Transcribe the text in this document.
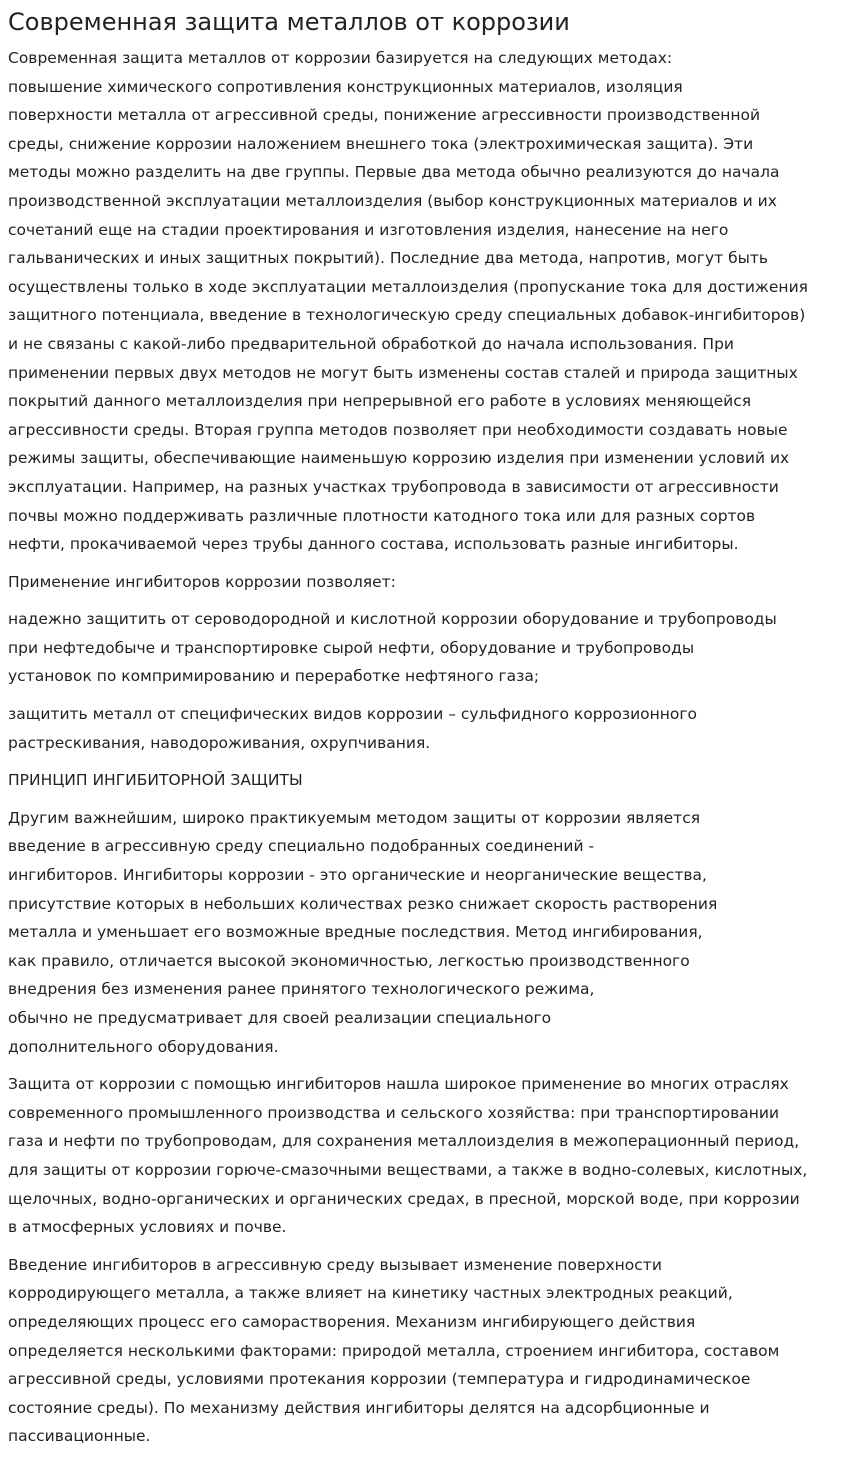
Современная защита металлов от коррозии

Современная защита металлов от коррозии базируется на следующих методах:
повышение химического сопротивления конструкционных материалов, изоляция
поверхности металла от агрессивной среды, понижение агрессивности производственной
среды, снижение коррозии наложением внешнего тока (электрохимическая защита). Эти
методы можно разделить на две группы. Первые два метода обычно реализуются до начала
производственной эксплуатации металлоизделия (выбор конструкционных материалов и их
сочетаний еще на стадии проектирования и изготовления изделия, нанесение на него
гальванических и иных защитных покрытий). Последние два метода, напротив, могут быть
осуществлены только в ходе эксплуатации металлоизделия (пропускание тока для достижения
защитного потенциала, введение в технологическую среду специальных добавок-ингибиторов)
и не связаны с какой-либо предварительной обработкой до начала использования. При
применении первых двух методов не могут быть изменены состав сталей и природа защитных
покрытий данного металлоизделия при непрерывной его работе в условиях меняющейся
агрессивности среды. Вторая группа методов позволяет при необходимости создавать новые
режимы защиты, обеспечивающие наименьшую коррозию изделия при изменении условий их
эксплуатации. Например, на разных участках трубопровода в зависимости от агрессивности
почвы можно поддерживать различные плотности катодного тока или для разных сортов
нефти, прокачиваемой через трубы данного состава, использовать разные ингибиторы.

Применение ингибиторов коррозии позволяет:

надежно защитить от сероводородной и кислотной коррозии оборудование и трубопроводы
при нефтедобыче и транспортировке сырой нефти, оборудование и трубопроводы
установок по компримированию и переработке нефтяного газа;

защитить металл от специфических видов коррозии – сульфидного коррозионного
растрескивания, наводороживания, охрупчивания.

ПРИНЦИП ИНГИБИТОРНОЙ ЗАЩИТЫ

Другим важнейшим, широко практикуемым методом защиты от коррозии является
введение в агрессивную среду специально подобранных соединений -
ингибиторов. Ингибиторы коррозии - это органические и неорганические вещества,
присутствие которых в небольших количествах резко снижает скорость растворения
металла и уменьшает его возможные вредные последствия. Метод ингибирования,
как правило, отличается высокой экономичностью, легкостью производственного
внедрения без изменения ранее принятого технологического режима,
обычно не предусматривает для своей реализации специального
дополнительного оборудования.

Защита от коррозии с помощью ингибиторов нашла широкое применение во многих отраслях
современного промышленного производства и сельского хозяйства: при транспортировании
газа и нефти по трубопроводам, для сохранения металлоизделия в межоперационный период,
для защиты от коррозии горюче-смазочными веществами, а также в водно-солевых, кислотных,
щелочных, водно-органических и органических средах, в пресной, морской воде, при коррозии
в атмосферных условиях и почве.

Введение ингибиторов в агрессивную среду вызывает изменение поверхности
корродирующего металла, а также влияет на кинетику частных электродных реакций,
определяющих процесс его саморастворения. Механизм ингибирующего действия
определяется несколькими факторами: природой металла, строением ингибитора, составом
агрессивной среды, условиями протекания коррозии (температура и гидродинамическое
состояние среды). По механизму действия ингибиторы делятся на адсорбционные и
пассивационные.
